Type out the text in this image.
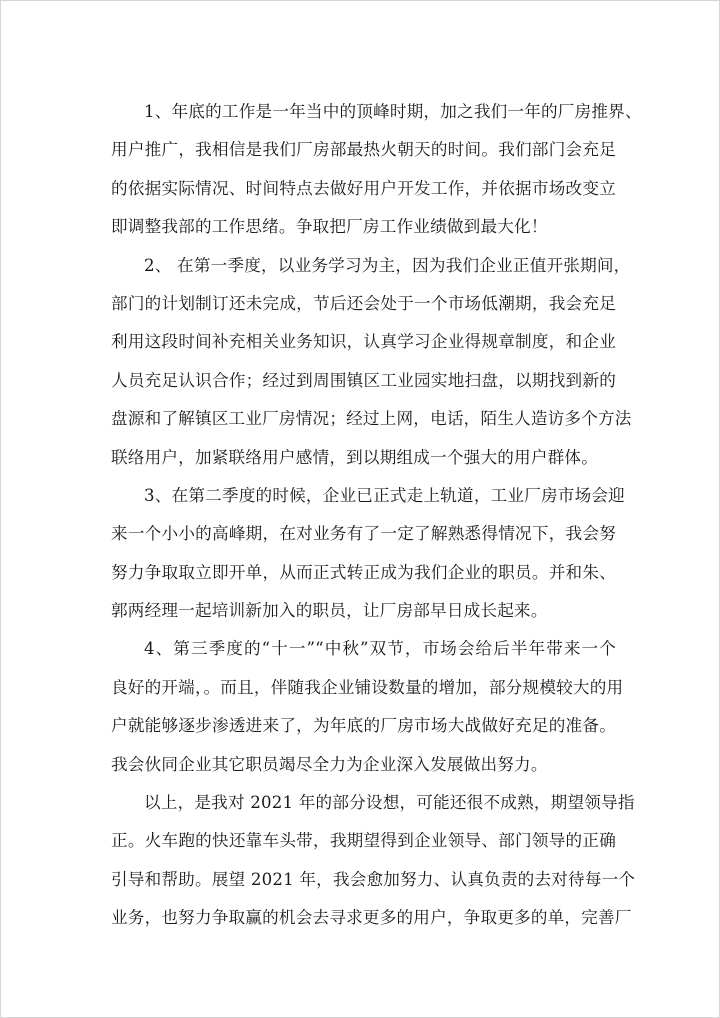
1、年底的工作是一年当中的顶峰时期，加之我们一年的厂房推界、
用户推广，我相信是我们厂房部最热火朝天的时间。我们部门会充足
的依据实际情况、时间特点去做好用户开发工作，并依据市场改变立
即调整我部的工作思绪。争取把厂房工作业绩做到最大化！
2、 在第一季度，以业务学习为主，因为我们企业正值开张期间，
部门的计划制订还未完成，节后还会处于一个市场低潮期，我会充足
利用这段时间补充相关业务知识，认真学习企业得规章制度，和企业
人员充足认识合作；经过到周围镇区工业园实地扫盘，以期找到新的
盘源和了解镇区工业厂房情况；经过上网，电话，陌生人造访多个方法
联络用户，加紧联络用户感情，到以期组成一个强大的用户群体。
3、在第二季度的时候，企业已正式走上轨道，工业厂房市场会迎
来一个小小的高峰期，在对业务有了一定了解熟悉得情况下，我会努
努力争取取立即开单，从而正式转正成为我们企业的职员。并和朱、
郭两经理一起培训新加入的职员，让厂房部早日成长起来。
4、第三季度的“十一”“中秋”双节，市场会给后半年带来一个
良好的开端，。而且，伴随我企业铺设数量的增加，部分规模较大的用
户就能够逐步渗透进来了，为年底的厂房市场大战做好充足的准备。
我会伙同企业其它职员竭尽全力为企业深入发展做出努力。
以上，是我对 2021 年的部分设想，可能还很不成熟，期望领导指
正。火车跑的快还靠车头带，我期望得到企业领导、部门领导的正确
引导和帮助。展望 2021 年，我会愈加努力、认真负责的去对待每一个
业务，也努力争取赢的机会去寻求更多的用户，争取更多的单，完善厂
